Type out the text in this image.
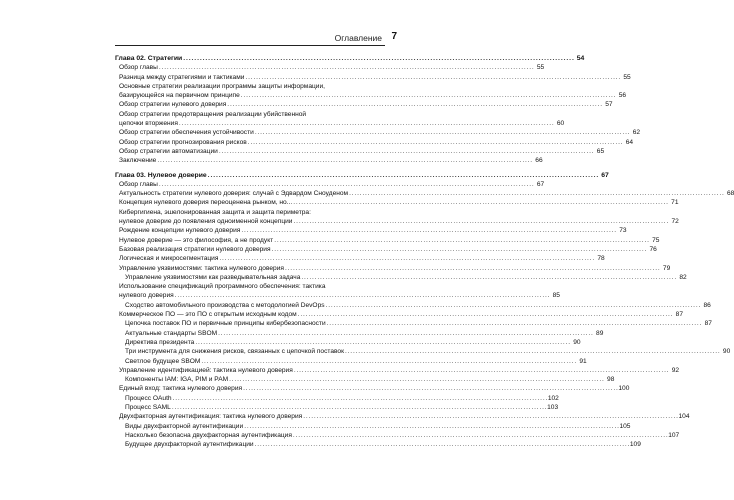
Оглавление 7
Глава 02. Стратегии . . .	54
Обзор главы . . .	55
Разница между стратегиями и тактиками . . .	55
Основные стратегии реализации программы защиты информации,
базирующейся на первичном принципе . . .	56
Обзор стратегии нулевого доверия . . .	57
Обзор стратегии предотвращения реализации убийственной
цепочки вторжения . . .	60
Обзор стратегии обеспечения устойчивости . . .	62
Обзор стратегии прогнозирования рисков . . .	64
Обзор стратегии автоматизации . . .	65
Заключение . . .	66
Глава 03. Нулевое доверие . . .	67
Обзор главы . . .	67
Актуальность стратегии нулевого доверия: случай с Эдвардом Сноуденом . . .	68
Концепция нулевого доверия переоценена рынком, но... . . .	71
Кибергигиена, эшелонированная защита и защита периметра:
нулевое доверие до появления одноименной концепции . . .	72
Рождение концепции нулевого доверия . . .	73
Нулевое доверие — это философия, а не продукт . . .	75
Базовая реализация стратегии нулевого доверия . . .	76
Логическая и микросегментация . . .	78
Управление уязвимостями: тактика нулевого доверия . . .	79
Управление уязвимостями как разведывательная задача . . .	82
Использование спецификаций программного обеспечения: тактика
нулевого доверия . . .	85
Сходство автомобильного производства с методологией DevOps . . .	86
Коммерческое ПО — это ПО с открытым исходным кодом . . .	87
Цепочка поставок ПО и первичные принципы кибербезопасности . . .	87
Актуальные стандарты SBOM . . .	89
Директива президента . . .	90
Три инструмента для снижения рисков, связанных с цепочкой поставок . . .	90
Светлое будущее SBOM . . .	91
Управление идентификацией: тактика нулевого доверия . . .	92
Компоненты IAM: IGA, PIM и PAM . . .	98
Единый вход: тактика нулевого доверия . . .	100
Процесс OAuth . . .	102
Процесс SAML . . .	103
Двухфакторная аутентификация: тактика нулевого доверия . . .	104
Виды двухфакторной аутентификации . . .	105
Насколько безопасна двухфакторная аутентификация . . .	107
Будущее двухфакторной аутентификации . . .	109
